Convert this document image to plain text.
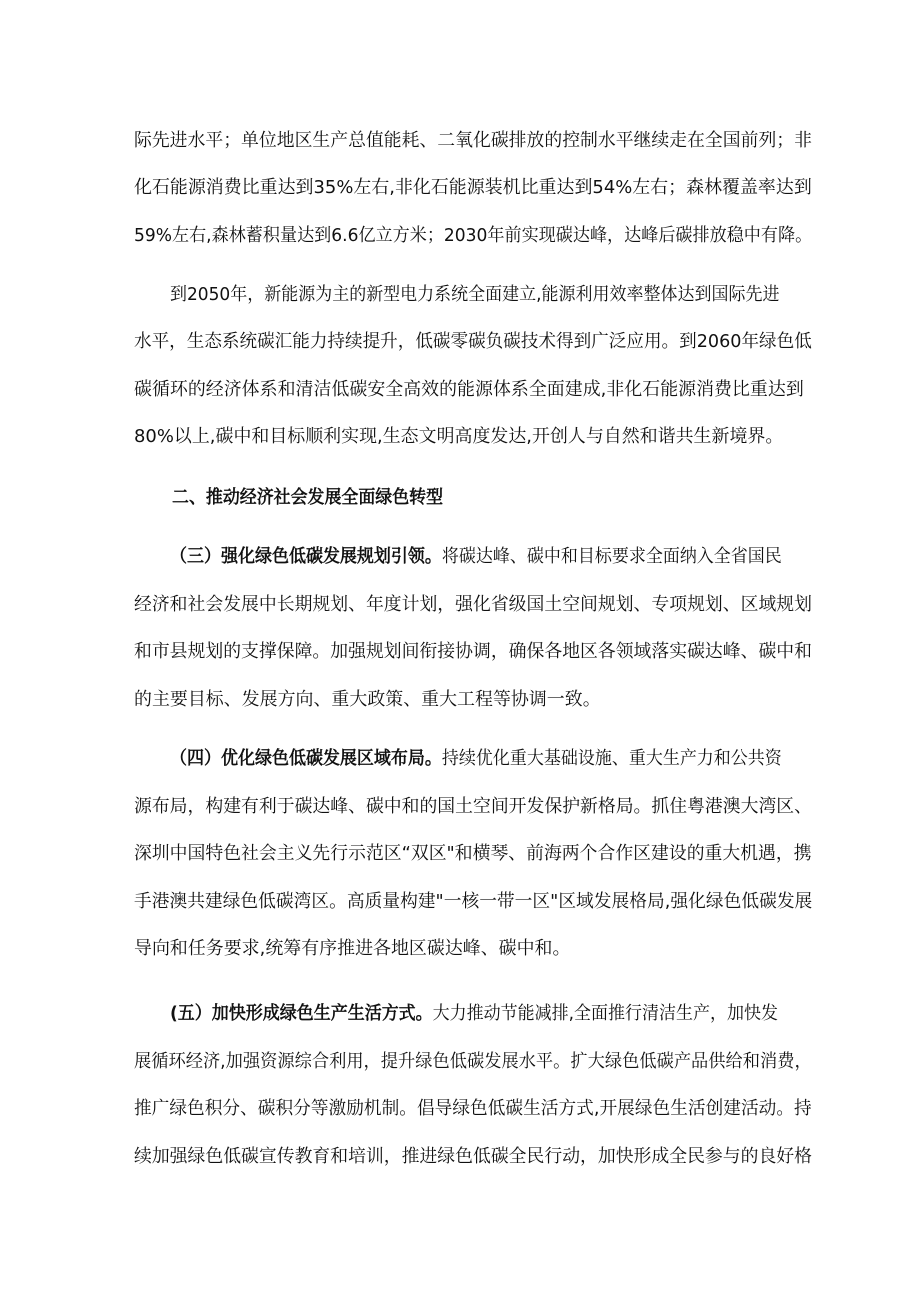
际先进水平；单位地区生产总值能耗、二氧化碳排放的控制水平继续走在全国前列；非
化石能源消费比重达到35%左右,非化石能源装机比重达到54%左右；森林覆盖率达到
59%左右,森林蓄积量达到6.6亿立方米；2030年前实现碳达峰，达峰后碳排放稳中有降。
到2050年，新能源为主的新型电力系统全面建立,能源利用效率整体达到国际先进
水平，生态系统碳汇能力持续提升，低碳零碳负碳技术得到广泛应用。到2060年绿色低
碳循环的经济体系和清洁低碳安全高效的能源体系全面建成,非化石能源消费比重达到
80%以上,碳中和目标顺利实现,生态文明高度发达,开创人与自然和谐共生新境界。
二、推动经济社会发展全面绿色转型
（三）强化绿色低碳发展规划引领。将碳达峰、碳中和目标要求全面纳入全省国民
经济和社会发展中长期规划、年度计划，强化省级国土空间规划、专项规划、区域规划
和市县规划的支撑保障。加强规划间衔接协调，确保各地区各领域落实碳达峰、碳中和
的主要目标、发展方向、重大政策、重大工程等协调一致。
（四）优化绿色低碳发展区域布局。持续优化重大基础设施、重大生产力和公共资
源布局，构建有利于碳达峰、碳中和的国土空间开发保护新格局。抓住粤港澳大湾区、
深圳中国特色社会主义先行示范区“双区"和横琴、前海两个合作区建设的重大机遇，携
手港澳共建绿色低碳湾区。高质量构建"一核一带一区"区域发展格局,强化绿色低碳发展
导向和任务要求,统筹有序推进各地区碳达峰、碳中和。
(五）加快形成绿色生产生活方式。大力推动节能减排,全面推行清洁生产，加快发
展循环经济,加强资源综合利用，提升绿色低碳发展水平。扩大绿色低碳产品供给和消费，
推广绿色积分、碳积分等激励机制。倡导绿色低碳生活方式,开展绿色生活创建活动。持
续加强绿色低碳宣传教育和培训，推进绿色低碳全民行动，加快形成全民参与的良好格
